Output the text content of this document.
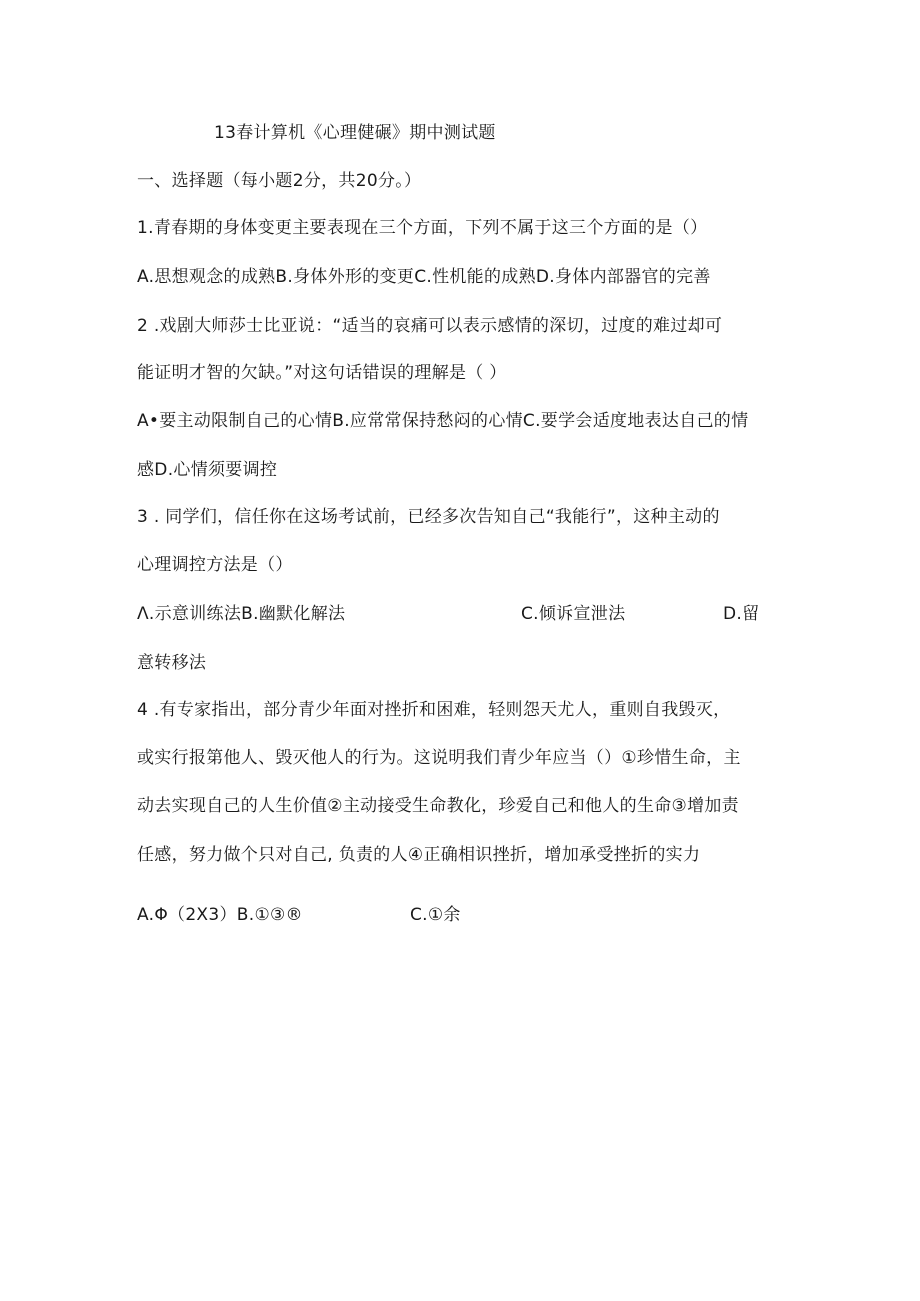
13春计算机《心理健碾》期中测试题
一、选择题（每小题2分，共20分。）
1.青春期的身体变更主要表现在三个方面，下列不属于这三个方面的是（）
A.思想观念的成熟B.身体外形的变更C.性机能的成熟D.身体内部器官的完善
2 .戏剧大师莎士比亚说：“适当的哀痛可以表示感情的深切，过度的难过却可
能证明才智的欠缺。”对这句话错误的理解是（ ）
A•要主动限制自己的心情B.应常常保持愁闷的心情C.要学会适度地表达自己的情
感D.心情须要调控
3 . 同学们，信任你在这场考试前，已经多次告知自己“我能行”，这种主动的
心理调控方法是（）
Λ.示意训练法B.幽默化解法	C.倾诉宣泄法	D.留
意转移法
4 .有专家指出，部分青少年面对挫折和困难，轻则怨天尤人，重则自我毁灭，
或实行报第他人、毁灭他人的行为。这说明我们青少年应当（）①珍惜生命，主
动去实现自己的人生价值②主动接受生命教化，珍爱自己和他人的生命③增加责
任感，努力做个只对自己, 负责的人④正确相识挫折，增加承受挫折的实力
A.Φ（2X3）B.①③®	C.①余
